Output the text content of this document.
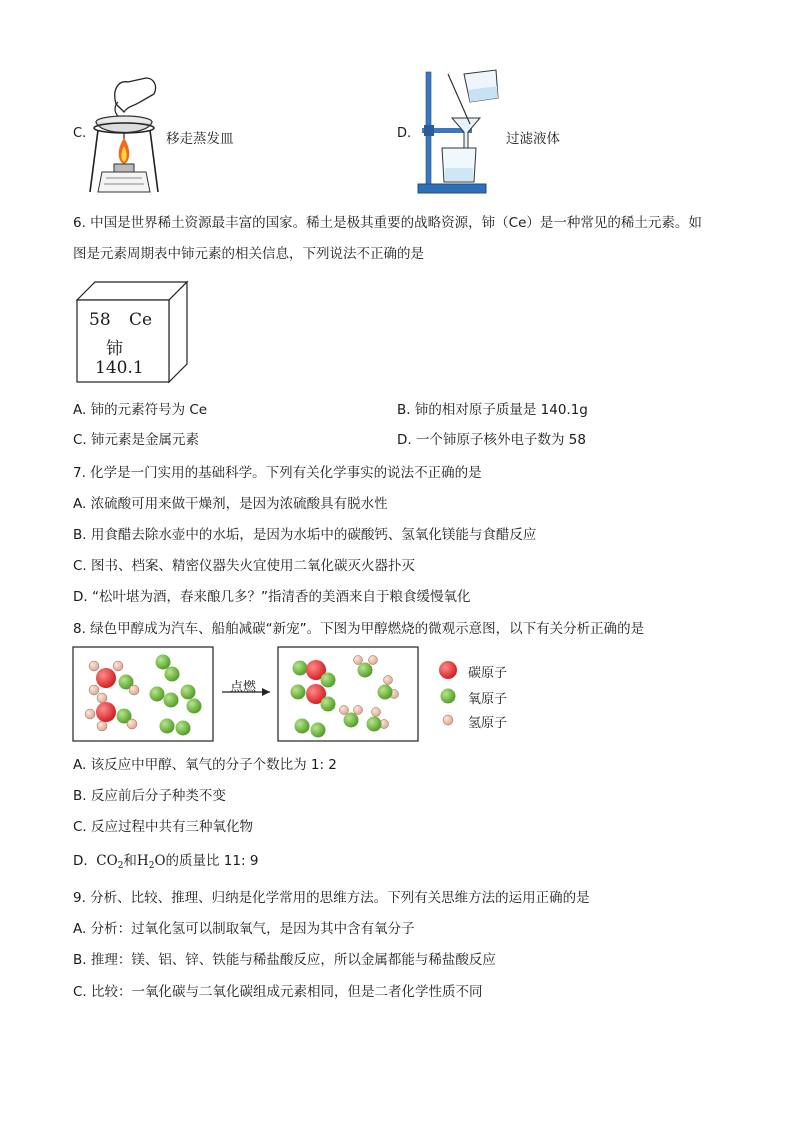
C.	移走蒸发皿	D.	过滤液体
6. 中国是世界稀土资源最丰富的国家。稀土是极其重要的战略资源，铈（Ce）是一种常见的稀土元素。如
图是元素周期表中铈元素的相关信息，下列说法不正确的是
58 Ce
铈
140.1
A. 铈的元素符号为 Ce	B. 铈的相对原子质量是 140.1g
C. 铈元素是金属元素	D. 一个铈原子核外电子数为 58
7. 化学是一门实用的基础科学。下列有关化学事实的说法不正确的是
A. 浓硫酸可用来做干燥剂，是因为浓硫酸具有脱水性
B. 用食醋去除水壶中的水垢，是因为水垢中的碳酸钙、氢氧化镁能与食醋反应
C. 图书、档案、精密仪器失火宜使用二氧化碳灭火器扑灭
D. “松叶堪为酒，春来酿几多？”指清香的美酒来自于粮食缓慢氧化
8. 绿色甲醇成为汽车、船舶减碳“新宠”。下图为甲醇燃烧的微观示意图，以下有关分析正确的是
点燃
碳原子
氧原子
氢原子
A. 该反应中甲醇、氧气的分子个数比为 1: 2
B. 反应前后分子种类不变
C. 反应过程中共有三种氧化物
D. $CO_2$和$H_2O$的质量比 11: 9
9. 分析、比较、推理、归纳是化学常用的思维方法。下列有关思维方法的运用正确的是
A. 分析：过氧化氢可以制取氧气，是因为其中含有氧分子
B. 推理：镁、铝、锌、铁能与稀盐酸反应，所以金属都能与稀盐酸反应
C. 比较：一氧化碳与二氧化碳组成元素相同，但是二者化学性质不同
